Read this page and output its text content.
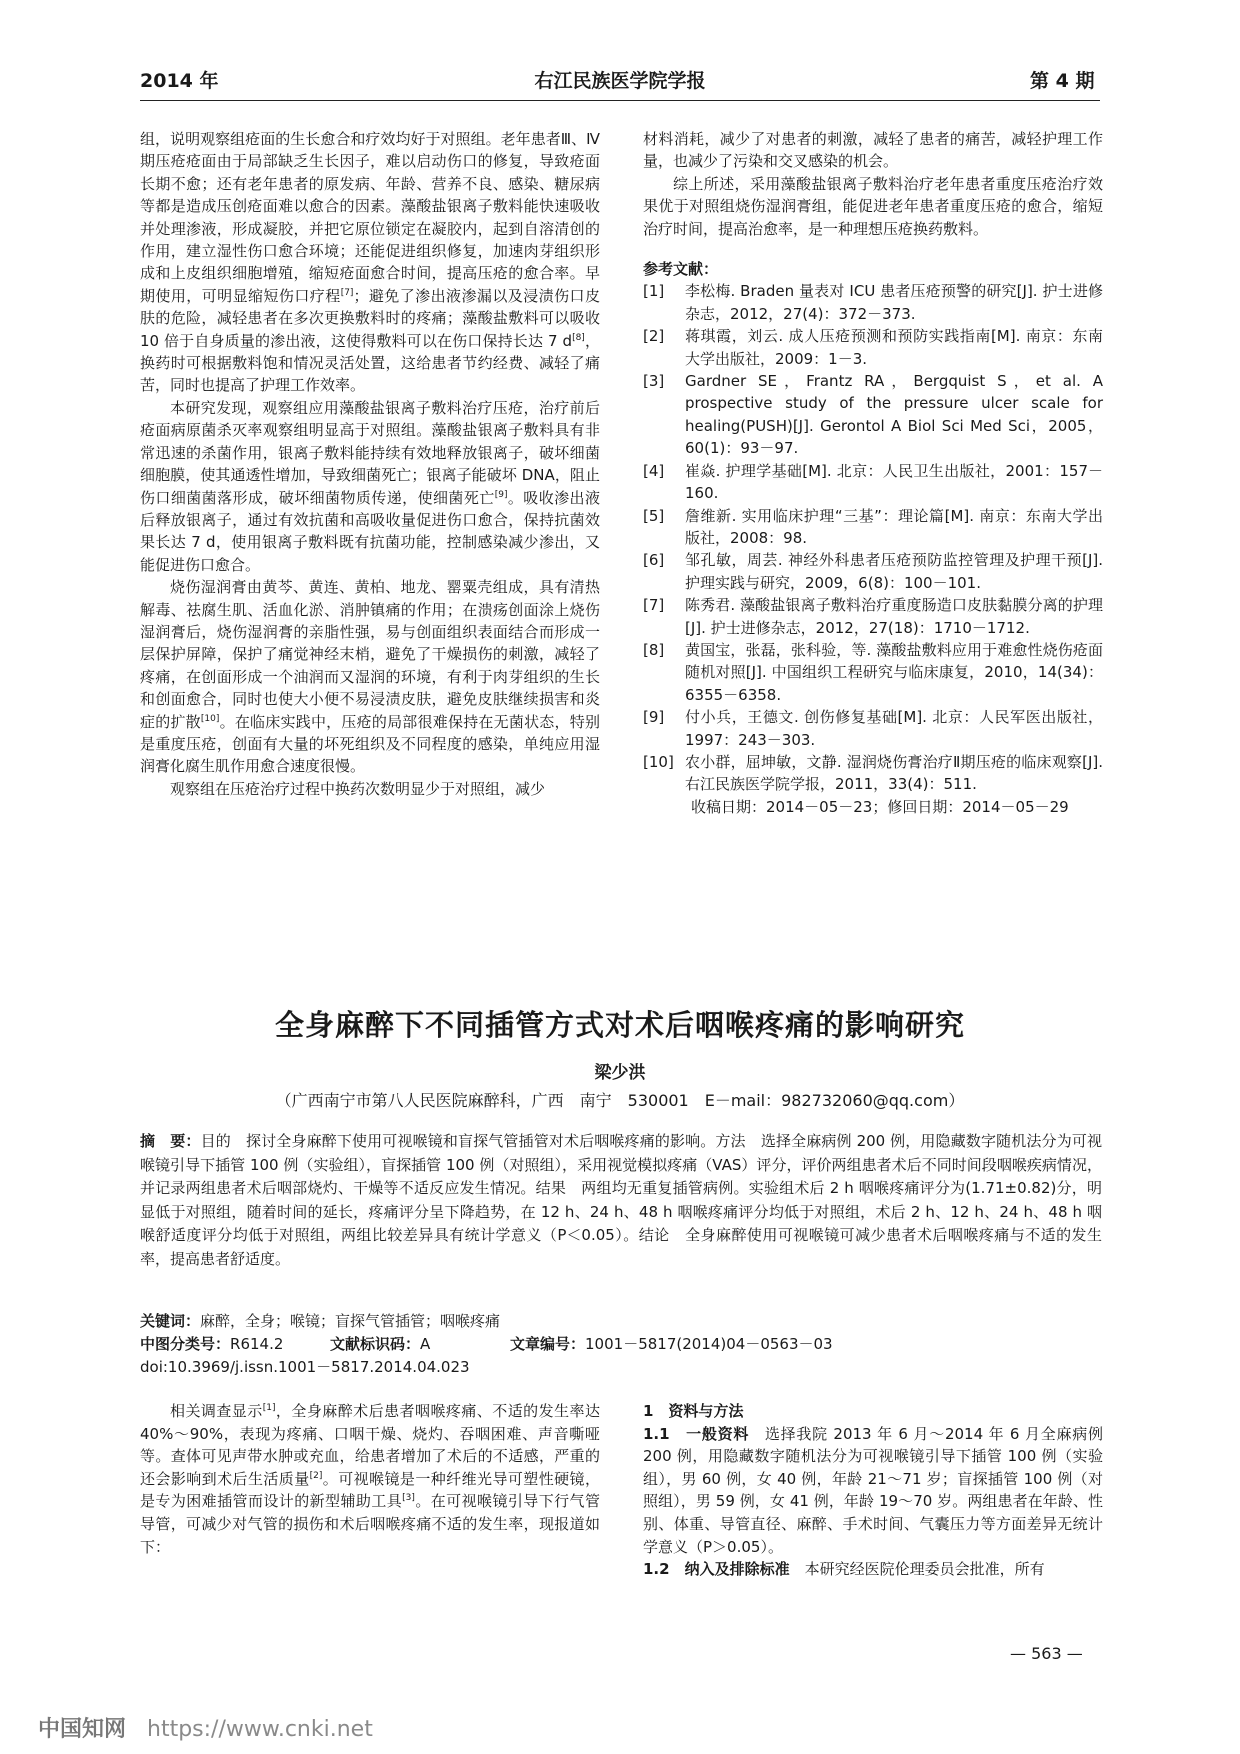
2014 年	右江民族医学院学报	第 4 期

组，说明观察组疮面的生长愈合和疗效均好于对照组。老年患者Ⅲ、Ⅳ期压疮疮面由于局部缺乏生长因子，难以启动伤口的修复，导致疮面长期不愈；还有老年患者的原发病、年龄、营养不良、感染、糖尿病等都是造成压创疮面难以愈合的因素。藻酸盐银离子敷料能快速吸收并处理渗液，形成凝胶，并把它原位锁定在凝胶内，起到自溶清创的作用，建立湿性伤口愈合环境；还能促进组织修复，加速肉芽组织形成和上皮组织细胞增殖，缩短疮面愈合时间，提高压疮的愈合率。早期使用，可明显缩短伤口疗程[7]；避免了渗出液渗漏以及浸渍伤口皮肤的危险，减轻患者在多次更换敷料时的疼痛；藻酸盐敷料可以吸收 10 倍于自身质量的渗出液，这使得敷料可以在伤口保持长达 7 d[8]，换药时可根据敷料饱和情况灵活处置，这给患者节约经费、减轻了痛苦，同时也提高了护理工作效率。

本研究发现，观察组应用藻酸盐银离子敷料治疗压疮，治疗前后疮面病原菌杀灭率观察组明显高于对照组。藻酸盐银离子敷料具有非常迅速的杀菌作用，银离子敷料能持续有效地释放银离子，破坏细菌细胞膜，使其通透性增加，导致细菌死亡；银离子能破坏 DNA，阻止伤口细菌菌落形成，破坏细菌物质传递，使细菌死亡[9]。吸收渗出液后释放银离子，通过有效抗菌和高吸收量促进伤口愈合，保持抗菌效果长达 7 d，使用银离子敷料既有抗菌功能，控制感染减少渗出，又能促进伤口愈合。

烧伤湿润膏由黄芩、黄连、黄柏、地龙、罂粟壳组成，具有清热解毒、祛腐生肌、活血化淤、消肿镇痛的作用；在溃疡创面涂上烧伤湿润膏后，烧伤湿润膏的亲脂性强，易与创面组织表面结合而形成一层保护屏障，保护了痛觉神经末梢，避免了干燥损伤的刺激，减轻了疼痛，在创面形成一个油润而又湿润的环境，有利于肉芽组织的生长和创面愈合，同时也使大小便不易浸渍皮肤，避免皮肤继续损害和炎症的扩散[10]。在临床实践中，压疮的局部很难保持在无菌状态，特别是重度压疮，创面有大量的坏死组织及不同程度的感染，单纯应用湿润膏化腐生肌作用愈合速度很慢。

观察组在压疮治疗过程中换药次数明显少于对照组，减少

材料消耗，减少了对患者的刺激，减轻了患者的痛苦，减轻护理工作量，也减少了污染和交叉感染的机会。

综上所述，采用藻酸盐银离子敷料治疗老年患者重度压疮治疗效果优于对照组烧伤湿润膏组，能促进老年患者重度压疮的愈合，缩短治疗时间，提高治愈率，是一种理想压疮换药敷料。

参考文献：

[1]	李松梅. Braden 量表对 ICU 患者压疮预警的研究[J]. 护士进修杂志，2012，27(4)：372－373.
[2]	蒋琪霞，刘云. 成人压疮预测和预防实践指南[M]. 南京：东南大学出版社，2009：1－3.
[3]	Gardner SE，Frantz RA，Bergquist S，et al. A prospective study of the pressure ulcer scale for healing(PUSH)[J]. Gerontol A Biol Sci Med Sci，2005，60(1)：93－97.
[4]	崔焱. 护理学基础[M]. 北京：人民卫生出版社，2001：157－160.
[5]	詹维新. 实用临床护理“三基”：理论篇[M]. 南京：东南大学出版社，2008：98.
[6]	邹孔敏，周芸. 神经外科患者压疮预防监控管理及护理干预[J]. 护理实践与研究，2009，6(8)：100－101.
[7]	陈秀君. 藻酸盐银离子敷料治疗重度肠造口皮肤黏膜分离的护理[J]. 护士进修杂志，2012，27(18)：1710－1712.
[8]	黄国宝，张磊，张科验，等. 藻酸盐敷料应用于难愈性烧伤疮面随机对照[J]. 中国组织工程研究与临床康复，2010，14(34)：6355－6358.
[9]	付小兵，王德文. 创伤修复基础[M]. 北京：人民军医出版社，1997：243－303.
[10] 农小群，屈坤敏，文静. 湿润烧伤膏治疗Ⅱ期压疮的临床观察[J]. 右江民族医学院学报，2011，33(4)：511.
收稿日期：2014－05－23；修回日期：2014－05－29
全身麻醉下不同插管方式对术后咽喉疼痛的影响研究
梁少洪
（广西南宁市第八人民医院麻醉科，广西　南宁　530001　E－mail：982732060@qq.com）

摘　要：目的　探讨全身麻醉下使用可视喉镜和盲探气管插管对术后咽喉疼痛的影响。方法　选择全麻病例 200 例，用隐藏数字随机法分为可视喉镜引导下插管 100 例（实验组），盲探插管 100 例（对照组），采用视觉模拟疼痛（VAS）评分，评价两组患者术后不同时间段咽喉疾病情况，并记录两组患者术后咽部烧灼、干燥等不适反应发生情况。结果　两组均无重复插管病例。实验组术后 2 h 咽喉疼痛评分为(1.71±0.82)分，明显低于对照组，随着时间的延长，疼痛评分呈下降趋势，在 12 h、24 h、48 h 咽喉疼痛评分均低于对照组，术后 2 h、12 h、24 h、48 h 咽喉舒适度评分均低于对照组，两组比较差异具有统计学意义（P＜0.05）。结论　全身麻醉使用可视喉镜可减少患者术后咽喉疼痛与不适的发生率，提高患者舒适度。

关键词：麻醉，全身；喉镜；盲探气管插管；咽喉疼痛
中图分类号：R614.2	文献标识码：A	文章编号：1001－5817(2014)04－0563－03
doi:10.3969/j.issn.1001－5817.2014.04.023

相关调查显示[1]，全身麻醉术后患者咽喉疼痛、不适的发生率达 40%～90%，表现为疼痛、口咽干燥、烧灼、吞咽困难、声音嘶哑等。查体可见声带水肿或充血，给患者增加了术后的不适感，严重的还会影响到术后生活质量[2]。可视喉镜是一种纤维光导可塑性硬镜，是专为困难插管而设计的新型辅助工具[3]。在可视喉镜引导下行气管导管，可减少对气管的损伤和术后咽喉疼痛不适的发生率，现报道如下：

1　资料与方法

1.1　一般资料　 选择我院 2013 年 6 月～2014 年 6 月全麻病例 200 例，用隐藏数字随机法分为可视喉镜引导下插管 100 例（实验组），男 60 例，女 40 例，年龄 21～71 岁；盲探插管 100 例（对照组），男 59 例，女 41 例，年龄 19～70 岁。两组患者在年龄、性别、体重、导管直径、麻醉、手术时间、气囊压力等方面差异无统计学意义（P＞0.05）。

1.2　纳入及排除标准　 本研究经医院伦理委员会批准，所有

— 563 —
中国知网 https://www.cnki.net
